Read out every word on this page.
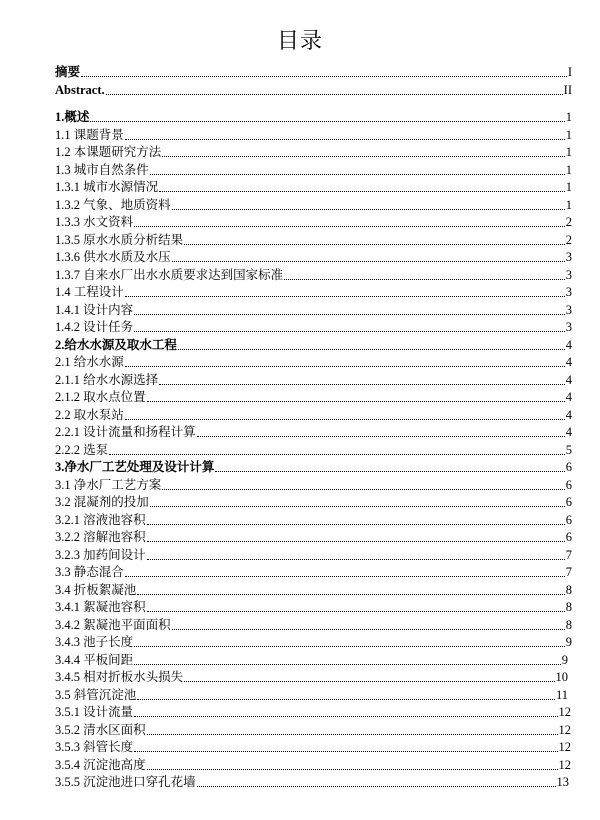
目录
摘要	I
Abstract.	II
1.概述	1
1.1 课题背景	1
1.2 本课题研究方法	1
1.3 城市自然条件	1
1.3.1 城市水源情况	1
1.3.2 气象、地质资料	1
1.3.3 水文资料	2
1.3.5 原水水质分析结果	2
1.3.6 供水水质及水压	3
1.3.7 自来水厂出水水质要求达到国家标准	3
1.4 工程设计	3
1.4.1 设计内容	3
1.4.2 设计任务	3
2.给水水源及取水工程	4
2.1 给水水源	4
2.1.1 给水水源选择	4
2.1.2 取水点位置	4
2.2 取水泵站	4
2.2.1 设计流量和扬程计算	4
2.2.2 选泵	5
3.净水厂工艺处理及设计计算	6
3.1 净水厂工艺方案	6
3.2 混凝剂的投加	6
3.2.1 溶液池容积	6
3.2.2 溶解池容积	6
3.2.3 加药间设计	7
3.3 静态混合	7
3.4 折板絮凝池	8
3.4.1 絮凝池容积	8
3.4.2 絮凝池平面面积	8
3.4.3 池子长度	9
3.4.4 平板间距	9
3.4.5 相对折板水头损失	10
3.5 斜管沉淀池	11
3.5.1 设计流量	12
3.5.2 清水区面积	12
3.5.3 斜管长度	12
3.5.4 沉淀池高度	12
3.5.5 沉淀池进口穿孔花墙	13
